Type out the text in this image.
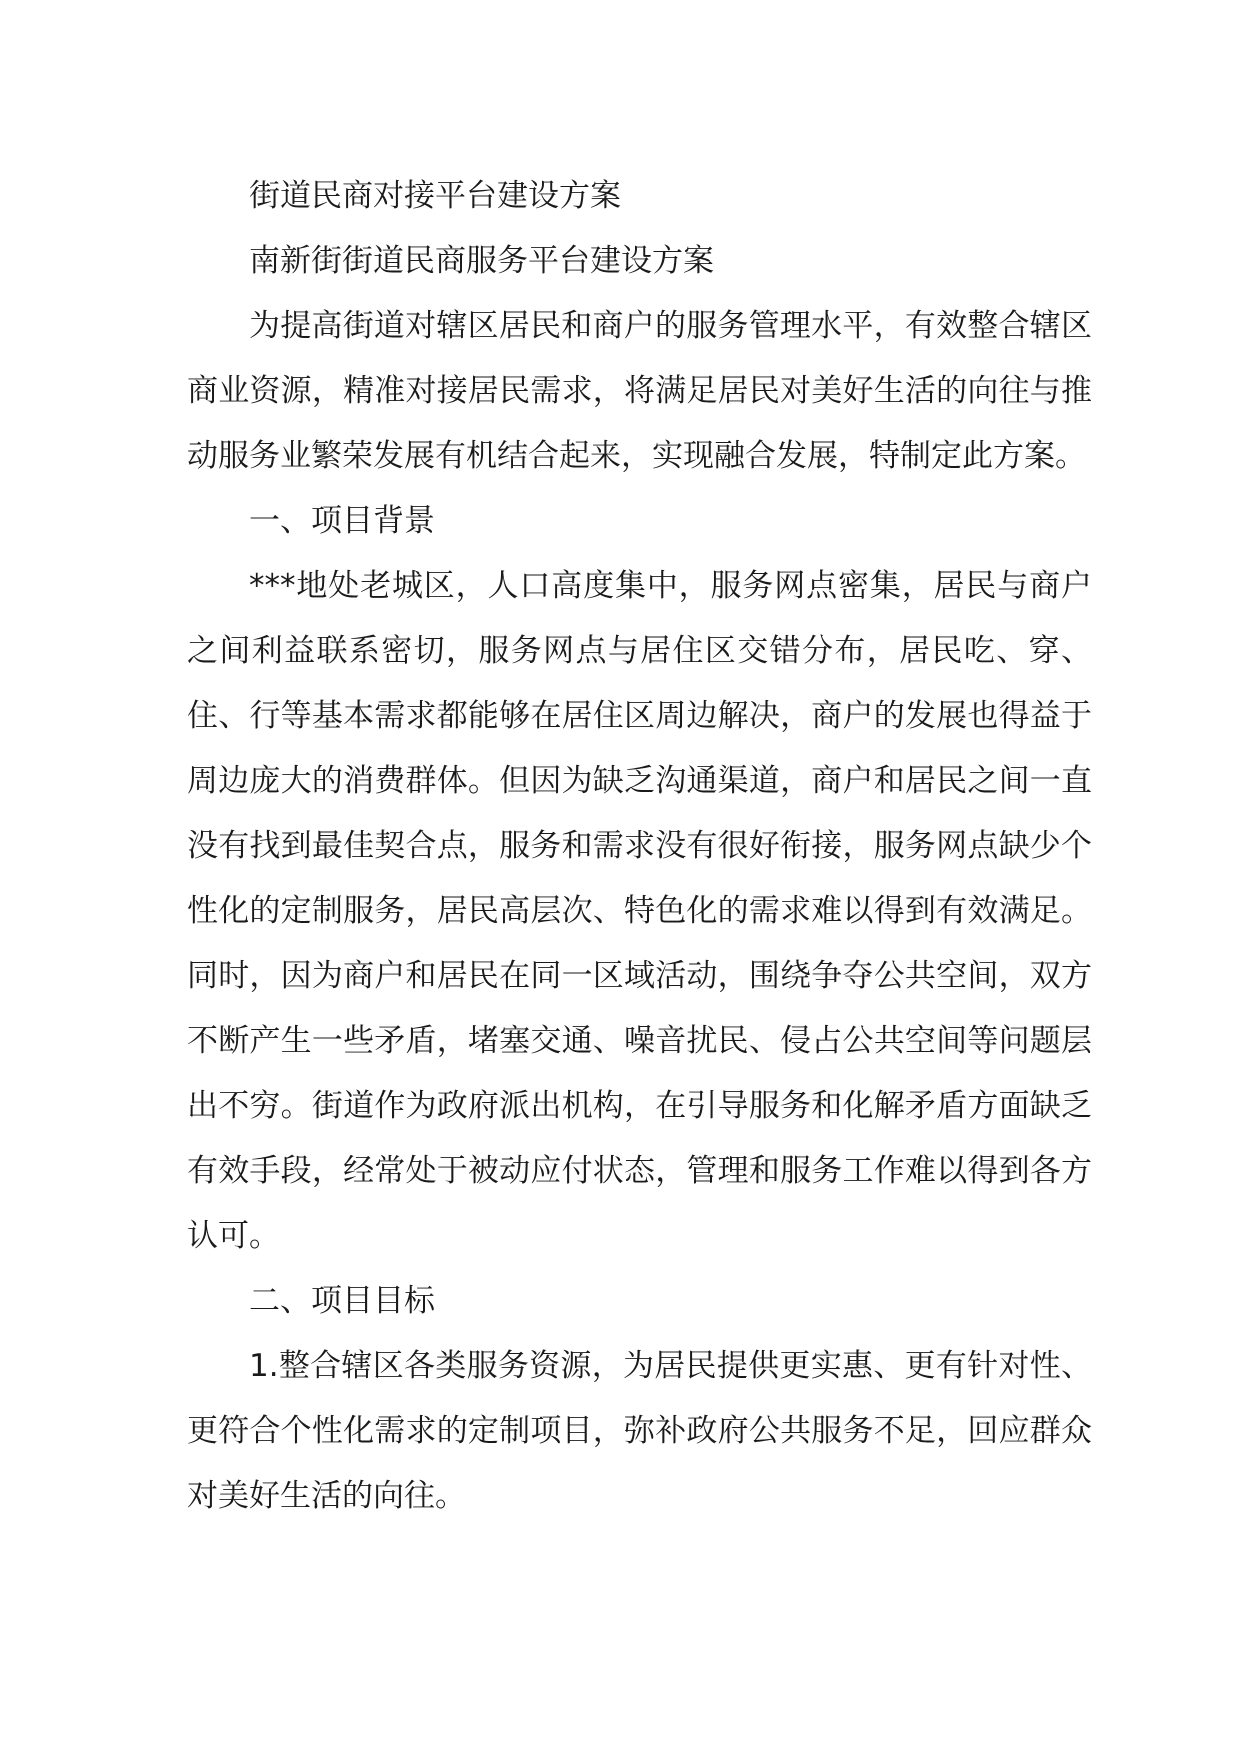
街道民商对接平台建设方案

南新街街道民商服务平台建设方案

为提高街道对辖区居民和商户的服务管理水平，有效整合辖区商业资源，精准对接居民需求，将满足居民对美好生活的向往与推动服务业繁荣发展有机结合起来，实现融合发展，特制定此方案。

一、项目背景

***地处老城区，人口高度集中，服务网点密集，居民与商户之间利益联系密切，服务网点与居住区交错分布，居民吃、穿、住、行等基本需求都能够在居住区周边解决，商户的发展也得益于周边庞大的消费群体。但因为缺乏沟通渠道，商户和居民之间一直没有找到最佳契合点，服务和需求没有很好衔接，服务网点缺少个性化的定制服务，居民高层次、特色化的需求难以得到有效满足。同时，因为商户和居民在同一区域活动，围绕争夺公共空间，双方不断产生一些矛盾，堵塞交通、噪音扰民、侵占公共空间等问题层出不穷。街道作为政府派出机构，在引导服务和化解矛盾方面缺乏有效手段，经常处于被动应付状态，管理和服务工作难以得到各方认可。

二、项目目标

1.整合辖区各类服务资源，为居民提供更实惠、更有针对性、更符合个性化需求的定制项目，弥补政府公共服务不足，回应群众对美好生活的向往。
